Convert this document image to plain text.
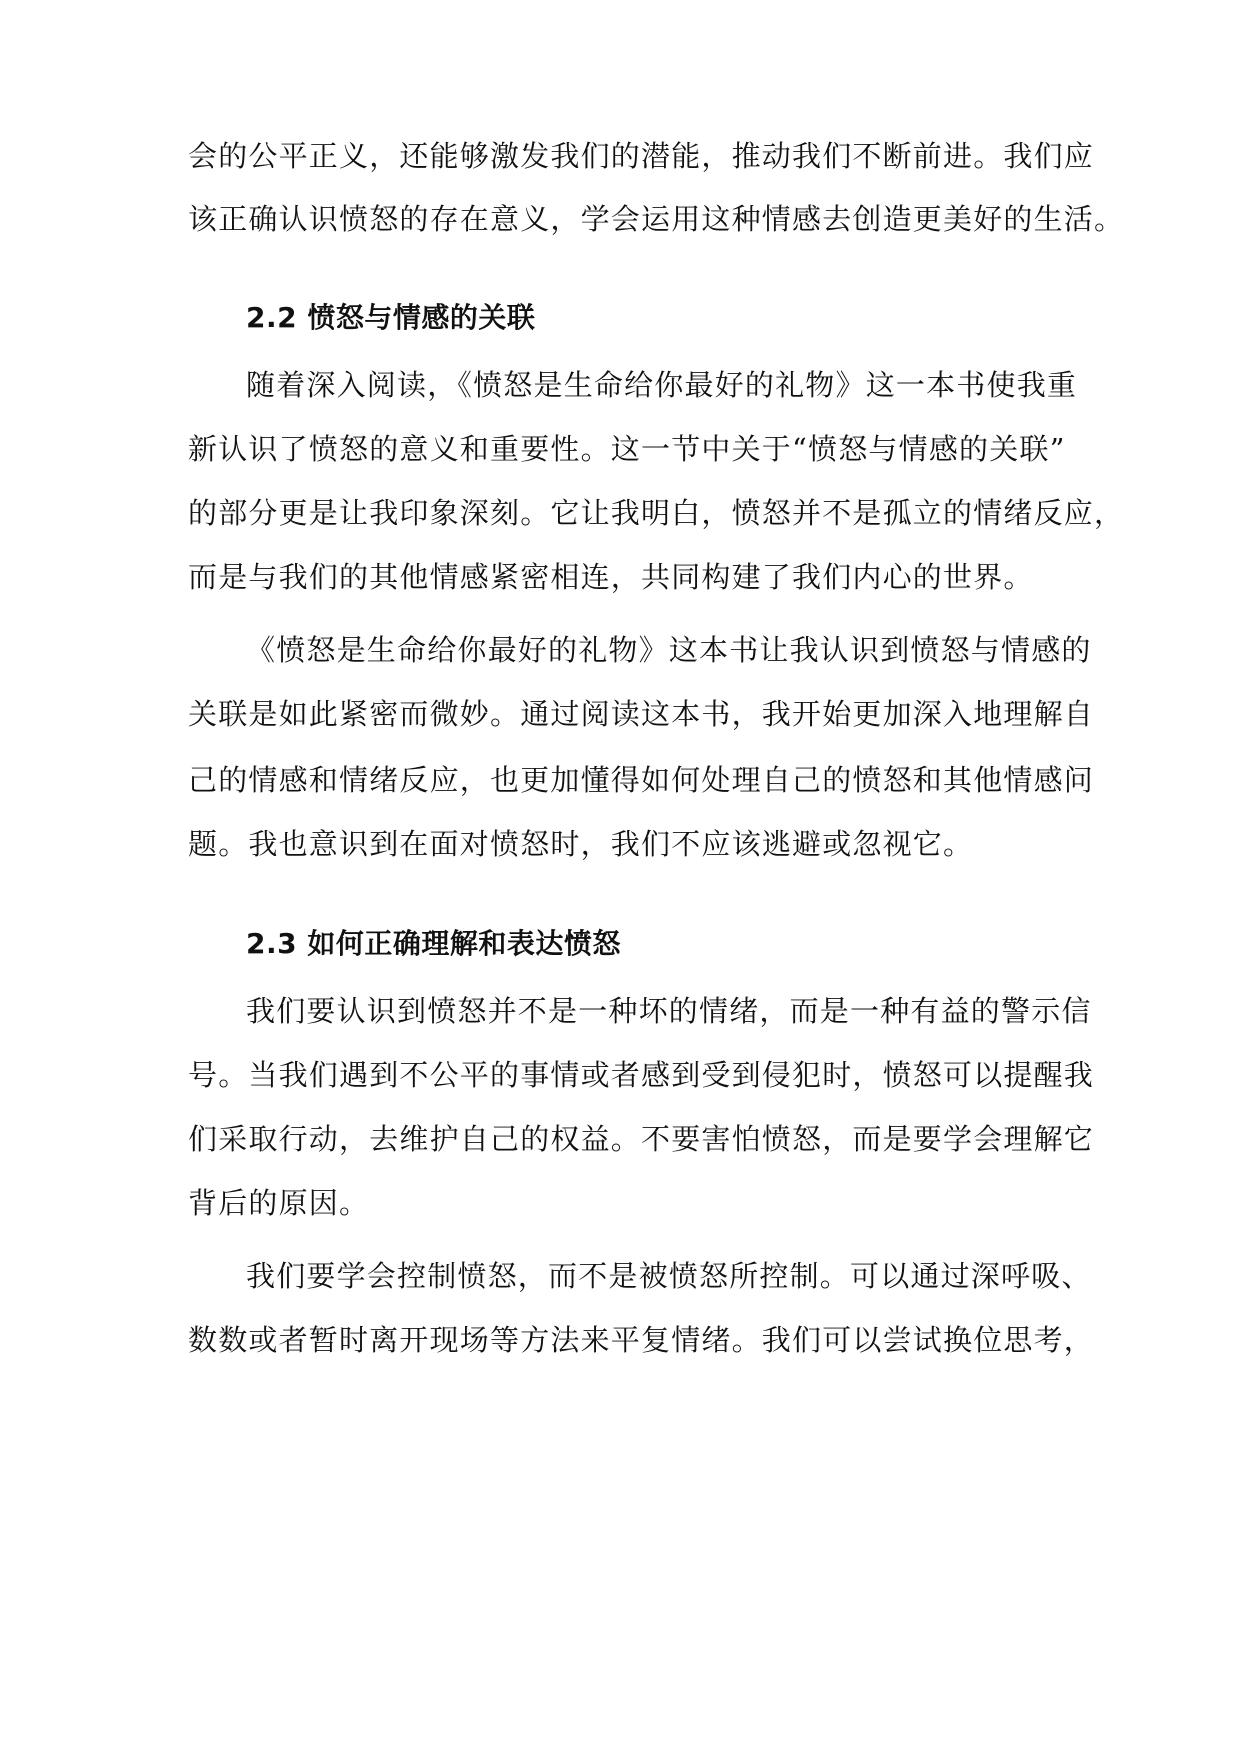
会的公平正义，还能够激发我们的潜能，推动我们不断前进。我们应
该正确认识愤怒的存在意义，学会运用这种情感去创造更美好的生活。
2.2 愤怒与情感的关联
随着深入阅读，《愤怒是生命给你最好的礼物》这一本书使我重
新认识了愤怒的意义和重要性。这一节中关于“愤怒与情感的关联”
的部分更是让我印象深刻。它让我明白，愤怒并不是孤立的情绪反应，
而是与我们的其他情感紧密相连，共同构建了我们内心的世界。
《愤怒是生命给你最好的礼物》这本书让我认识到愤怒与情感的
关联是如此紧密而微妙。通过阅读这本书，我开始更加深入地理解自
己的情感和情绪反应，也更加懂得如何处理自己的愤怒和其他情感问
题。我也意识到在面对愤怒时，我们不应该逃避或忽视它。
2.3 如何正确理解和表达愤怒
我们要认识到愤怒并不是一种坏的情绪，而是一种有益的警示信
号。当我们遇到不公平的事情或者感到受到侵犯时，愤怒可以提醒我
们采取行动，去维护自己的权益。不要害怕愤怒，而是要学会理解它
背后的原因。
我们要学会控制愤怒，而不是被愤怒所控制。可以通过深呼吸、
数数或者暂时离开现场等方法来平复情绪。我们可以尝试换位思考，
